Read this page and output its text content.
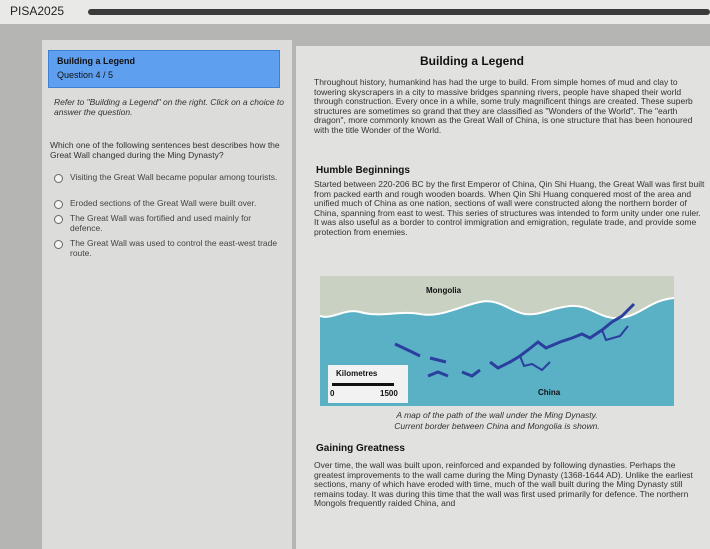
PISA2025
Building a Legend
Question 4 / 5
Refer to "Building a Legend" on the right. Click on a choice to answer the question.
Which one of the following sentences best describes how the Great Wall changed during the Ming Dynasty?
Visiting the Great Wall became popular among tourists.
Eroded sections of the Great Wall were built over.
The Great Wall was fortified and used mainly for defence.
The Great Wall was used to control the east-west trade route.
Building a Legend
Throughout history, humankind has had the urge to build. From simple homes of mud and clay to towering skyscrapers in a city to massive bridges spanning rivers, people have shaped their world through construction. Every once in a while, some truly magnificent things are created. These superb structures are sometimes so grand that they are classified as "Wonders of the World". The "earth dragon", more commonly known as the Great Wall of China, is one structure that has been honoured with the title Wonder of the World.
Humble Beginnings
Started between 220-206 BC by the first Emperor of China, Qin Shi Huang, the Great Wall was first built from packed earth and rough wooden boards. When Qin Shi Huang conquered most of the area and unified much of China as one nation, sections of wall were constructed along the northern border of China, spanning from east to west. This series of structures was intended to form unity under one ruler. It was also useful as a border to control immigration and emigration, regulate trade, and provide some protection from enemies.
Mongolia
China
Kilometres
0	1500
A map of the path of the wall under the Ming Dynasty.
Current border between China and Mongolia is shown.
Gaining Greatness
Over time, the wall was built upon, reinforced and expanded by following dynasties. Perhaps the greatest improvements to the wall came during the Ming Dynasty (1368-1644 AD). Unlike the earliest sections, many of which have eroded with time, much of the wall built during the Ming Dynasty still remains today. It was during this time that the wall was first used primarily for defence. The northern Mongols frequently raided China, and
